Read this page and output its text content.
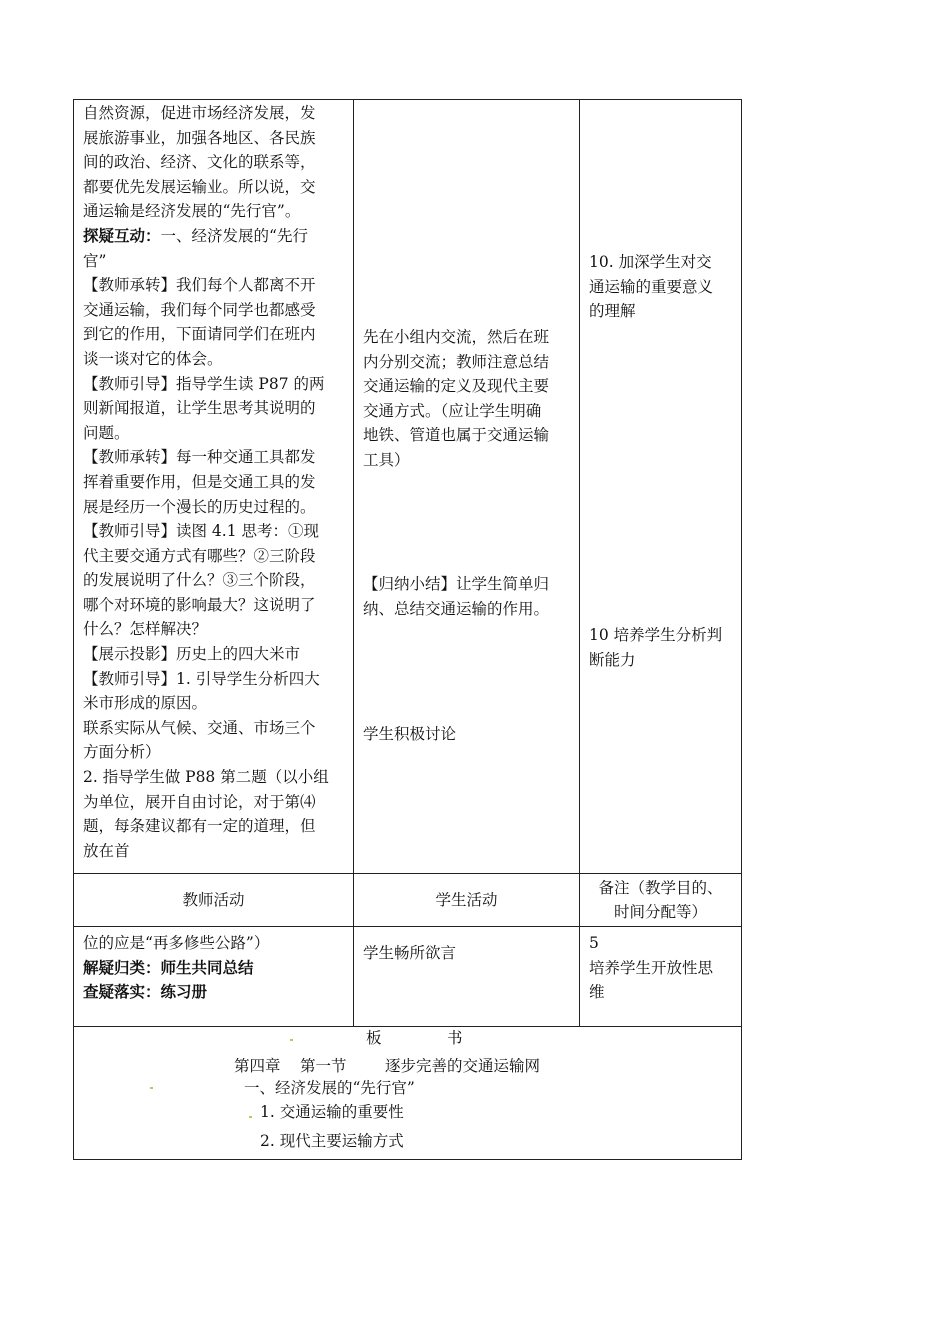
自然资源，促进市场经济发展，发
展旅游事业，加强各地区、各民族
间的政治、经济、文化的联系等，
都要优先发展运输业。所以说，交
通运输是经济发展的“先行官”。
探疑互动：一、经济发展的“先行
官”
【教师承转】我们每个人都离不开
交通运输，我们每个同学也都感受
到它的作用，下面请同学们在班内
谈一谈对它的体会。
【教师引导】指导学生读 P87 的两
则新闻报道，让学生思考其说明的
问题。
【教师承转】每一种交通工具都发
挥着重要作用，但是交通工具的发
展是经历一个漫长的历史过程的。
【教师引导】读图 4.1 思考：①现
代主要交通方式有哪些？②三阶段
的发展说明了什么？③三个阶段，
哪个对环境的影响最大？这说明了
什么？怎样解决？
【展示投影】历史上的四大米市
【教师引导】1. 引导学生分析四大
米市形成的原因。
联系实际从气候、交通、市场三个
方面分析）
2. 指导学生做 P88 第二题（以小组
为单位，展开自由讨论，对于第⑷
题，每条建议都有一定的道理，但
放在首
先在小组内交流，然后在班
内分别交流；教师注意总结
交通运输的定义及现代主要
交通方式。（应让学生明确
地铁、管道也属于交通运输
工具）
【归纳小结】让学生简单归
纳、总结交通运输的作用。
学生积极讨论
10. 加深学生对交
通运输的重要意义
的理解
10 培养学生分析判
断能力
教师活动	学生活动
备注（教学目的、
时间分配等）
位的应是“再多修些公路”）
解疑归类：师生共同总结
查疑落实：练习册
学生畅所欲言
5
培养学生开放性思
维
板	书
第四章 第一节 逐步完善的交通运输网
一、经济发展的“先行官”
1. 交通运输的重要性
2. 现代主要运输方式
